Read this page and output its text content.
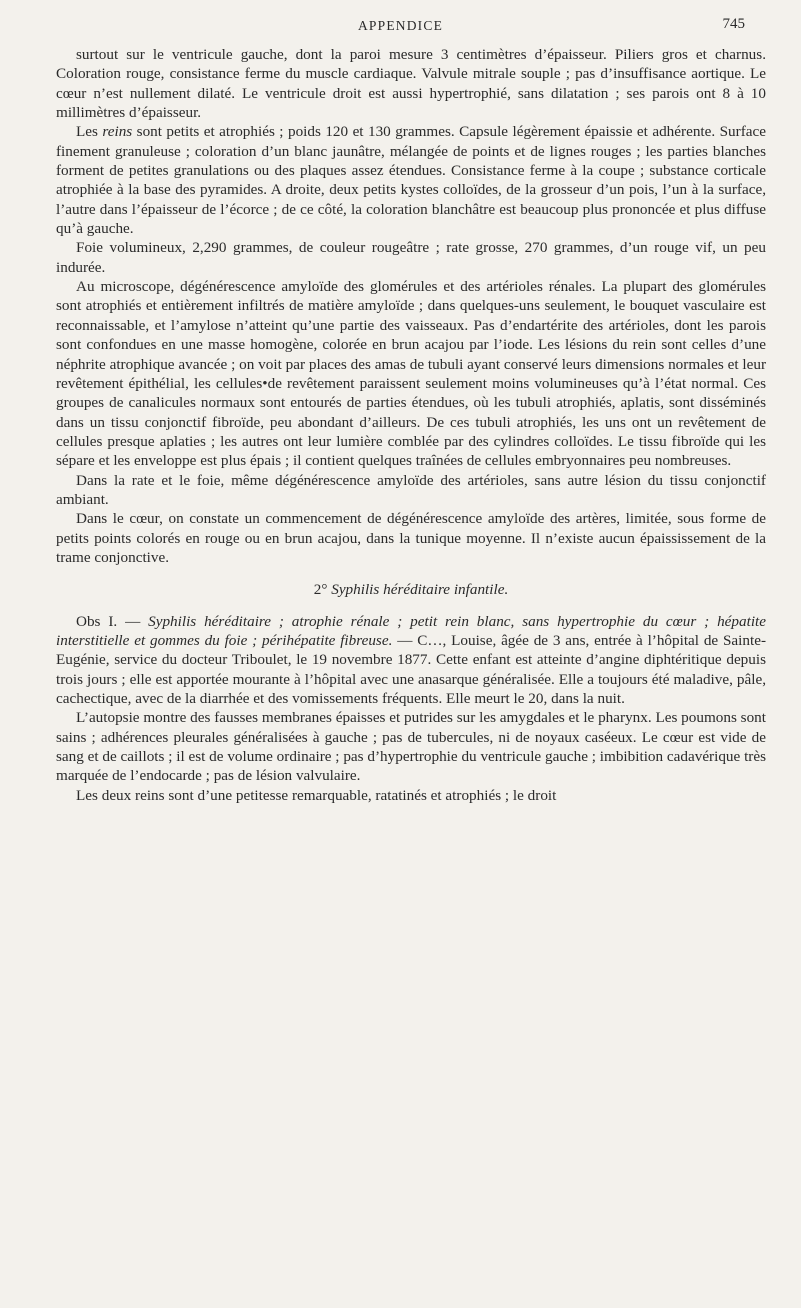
APPENDICE	745

surtout sur le ventricule gauche, dont la paroi mesure 3 centimètres d’épaisseur. Piliers gros et charnus. Coloration rouge, consistance ferme du muscle cardiaque. Valvule mitrale souple ; pas d’insuffisance aortique. Le cœur n’est nullement dilaté. Le ventricule droit est aussi hypertrophié, sans dilatation ; ses parois ont 8 à 10 millimètres d’épaisseur.

Les reins sont petits et atrophiés ; poids 120 et 130 grammes. Capsule légèrement épaissie et adhérente. Surface finement granuleuse ; coloration d’un blanc jaunâtre, mélangée de points et de lignes rouges ; les parties blanches forment de petites granulations ou des plaques assez étendues. Consistance ferme à la coupe ; substance corticale atrophiée à la base des pyramides. A droite, deux petits kystes colloïdes, de la grosseur d’un pois, l’un à la surface, l’autre dans l’épaisseur de l’écorce ; de ce côté, la coloration blanchâtre est beaucoup plus prononcée et plus diffuse qu’à gauche.

Foie volumineux, 2,290 grammes, de couleur rougeâtre ; rate grosse, 270 grammes, d’un rouge vif, un peu indurée.

Au microscope, dégénérescence amyloïde des glomérules et des artérioles rénales. La plupart des glomérules sont atrophiés et entièrement infiltrés de matière amyloïde ; dans quelques-uns seulement, le bouquet vasculaire est reconnaissable, et l’amylose n’atteint qu’une partie des vaisseaux. Pas d’endartérite des artérioles, dont les parois sont confondues en une masse homogène, colorée en brun acajou par l’iode. Les lésions du rein sont celles d’une néphrite atrophique avancée ; on voit par places des amas de tubuli ayant conservé leurs dimensions normales et leur revêtement épithélial, les cellules•de revêtement paraissent seulement moins volumineuses qu’à l’état normal. Ces groupes de canalicules normaux sont entourés de parties étendues, où les tubuli atrophiés, aplatis, sont disséminés dans un tissu conjonctif fibroïde, peu abondant d’ailleurs. De ces tubuli atrophiés, les uns ont un revêtement de cellules presque aplaties ; les autres ont leur lumière comblée par des cylindres colloïdes. Le tissu fibroïde qui les sépare et les enveloppe est plus épais ; il contient quelques traînées de cellules embryonnaires peu nombreuses.

Dans la rate et le foie, même dégénérescence amyloïde des artérioles, sans autre lésion du tissu conjonctif ambiant.

Dans le cœur, on constate un commencement de dégénérescence amyloïde des artères, limitée, sous forme de petits points colorés en rouge ou en brun acajou, dans la tunique moyenne. Il n’existe aucun épaississement de la trame conjonctive.

2° Syphilis héréditaire infantile.

Obs I. — Syphilis héréditaire ; atrophie rénale ; petit rein blanc, sans hypertrophie du cœur ; hépatite interstitielle et gommes du foie ; périhépatite fibreuse. — C…, Louise, âgée de 3 ans, entrée à l’hôpital de Sainte-Eugénie, service du docteur Triboulet, le 19 novembre 1877. Cette enfant est atteinte d’angine diphtéritique depuis trois jours ; elle est apportée mourante à l’hôpital avec une anasarque généralisée. Elle a toujours été maladive, pâle, cachectique, avec de la diarrhée et des vomissements fréquents. Elle meurt le 20, dans la nuit.

L’autopsie montre des fausses membranes épaisses et putrides sur les amygdales et le pharynx. Les poumons sont sains ; adhérences pleurales généralisées à gauche ; pas de tubercules, ni de noyaux caséeux. Le cœur est vide de sang et de caillots ; il est de volume ordinaire ; pas d’hypertrophie du ventricule gauche ; imbibition cadavérique très marquée de l’endocarde ; pas de lésion valvulaire.

Les deux reins sont d’une petitesse remarquable, ratatinés et atrophiés ; le droit
